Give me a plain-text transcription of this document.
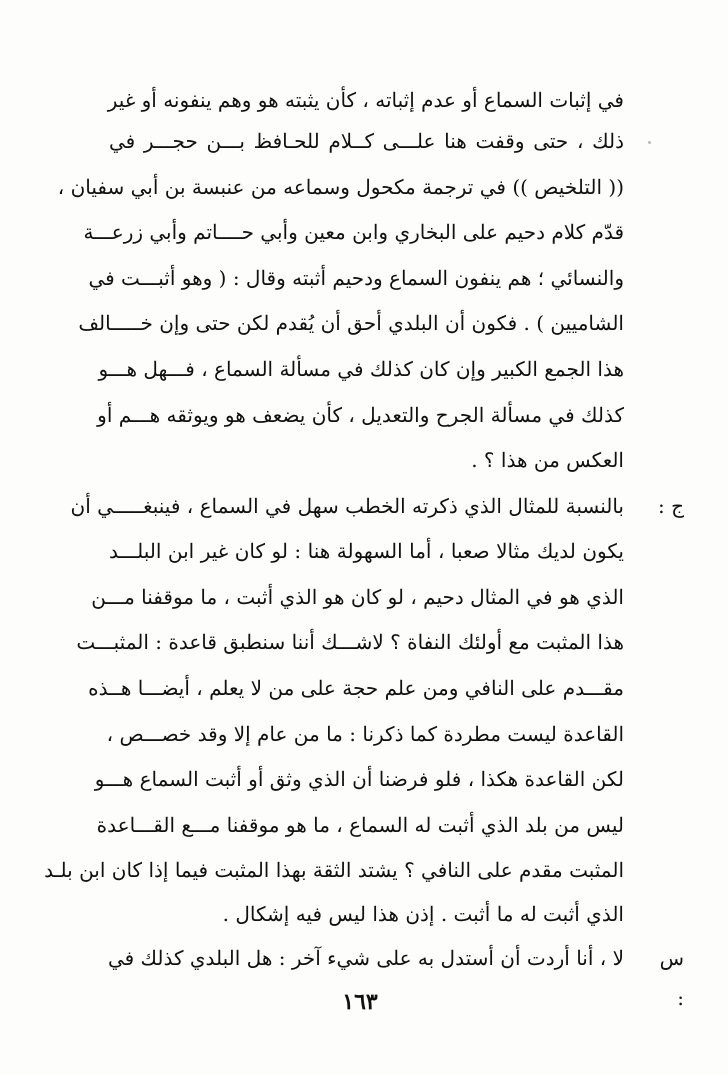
في إثبات السماع أو عدم إثباته ، كأن يثبته هو وهم ينفونه أو غير
ذلك ، حتى وقفت هنا علـــى كــلام للحـافظ بـــن حجـــر في
(( التلخيص )) في ترجمة مكحول وسماعه من عنبسة بن أبي سفيان ،
قدّم كلام دحيم على البخاري وابن معين وأبي حــــاتم وأبي زرعـــة
والنسائي ؛ هم ينفون السماع ودحيم أثبته وقال : ( وهو أثبـــت في
الشاميين ) . فكون أن البلدي أحق أن يُقدم لكن حتى وإن خـــــالف
هذا الجمع الكبير وإن كان كذلك في مسألة السماع ، فـــهل هـــو
كذلك في مسألة الجرح والتعديل ، كأن يضعف هو ويوثقه هـــم أو
العكس من هذا ؟ .
ج :
بالنسبة للمثال الذي ذكرته الخطب سهل في السماع ، فينبغـــــي أن
يكون لديك مثالا صعبا ، أما السهولة هنا : لو كان غير ابن البلـــد
الذي هو في المثال دحيم ، لو كان هو الذي أثبت ، ما موقفنا مـــن
هذا المثبت مع أولئك النفاة ؟ لاشـــك أننا سنطبق قاعدة : المثبـــت
مقـــدم على النافي ومن علم حجة على من لا يعلم ، أيضـــا هــذه
القاعدة ليست مطردة كما ذكرنا : ما من عام إلا وقد خصـــص ،
لكن القاعدة هكذا ، فلو فرضنا أن الذي وثق أو أثبت السماع هـــو
ليس من بلد الذي أثبت له السماع ، ما هو موقفنا مـــع القـــاعدة
المثبت مقدم على النافي ؟ يشتد الثقة بهذا المثبت فيما إذا كان ابن بلـد
الذي أثبت له ما أثبت . إذن هذا ليس فيه إشكال .
س :
لا ، أنا أردت أن أستدل به على شيء آخر : هل البلدي كذلك في
١٦٣
